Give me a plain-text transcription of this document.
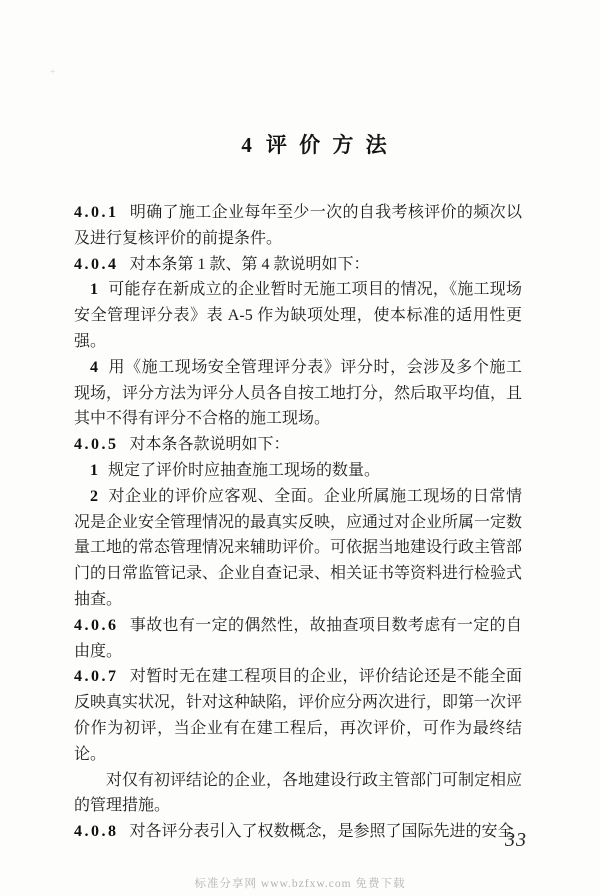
+
4 评 价 方 法

4.0.1 明确了施工企业每年至少一次的自我考核评价的频次以及进行复核评价的前提条件。

4.0.4 对本条第 1 款、第 4 款说明如下：

1 可能存在新成立的企业暂时无施工项目的情况，《施工现场安全管理评分表》表 A-5 作为缺项处理，使本标准的适用性更强。

4 用《施工现场安全管理评分表》评分时，会涉及多个施工现场，评分方法为评分人员各自按工地打分，然后取平均值，且其中不得有评分不合格的施工现场。

4.0.5 对本条各款说明如下：

1 规定了评价时应抽查施工现场的数量。

2 对企业的评价应客观、全面。企业所属施工现场的日常情况是企业安全管理情况的最真实反映，应通过对企业所属一定数量工地的常态管理情况来辅助评价。可依据当地建设行政主管部门的日常监管记录、企业自查记录、相关证书等资料进行检验式抽查。

4.0.6 事故也有一定的偶然性，故抽查项目数考虑有一定的自由度。

4.0.7 对暂时无在建工程项目的企业，评价结论还是不能全面反映真实状况，针对这种缺陷，评价应分两次进行，即第一次评价作为初评，当企业有在建工程后，再次评价，可作为最终结论。

对仅有初评结论的企业，各地建设行政主管部门可制定相应的管理措施。

4.0.8 对各评分表引入了权数概念，是参照了国际先进的安全

33
标准分享网 www.bzfxw.com 免费下载
